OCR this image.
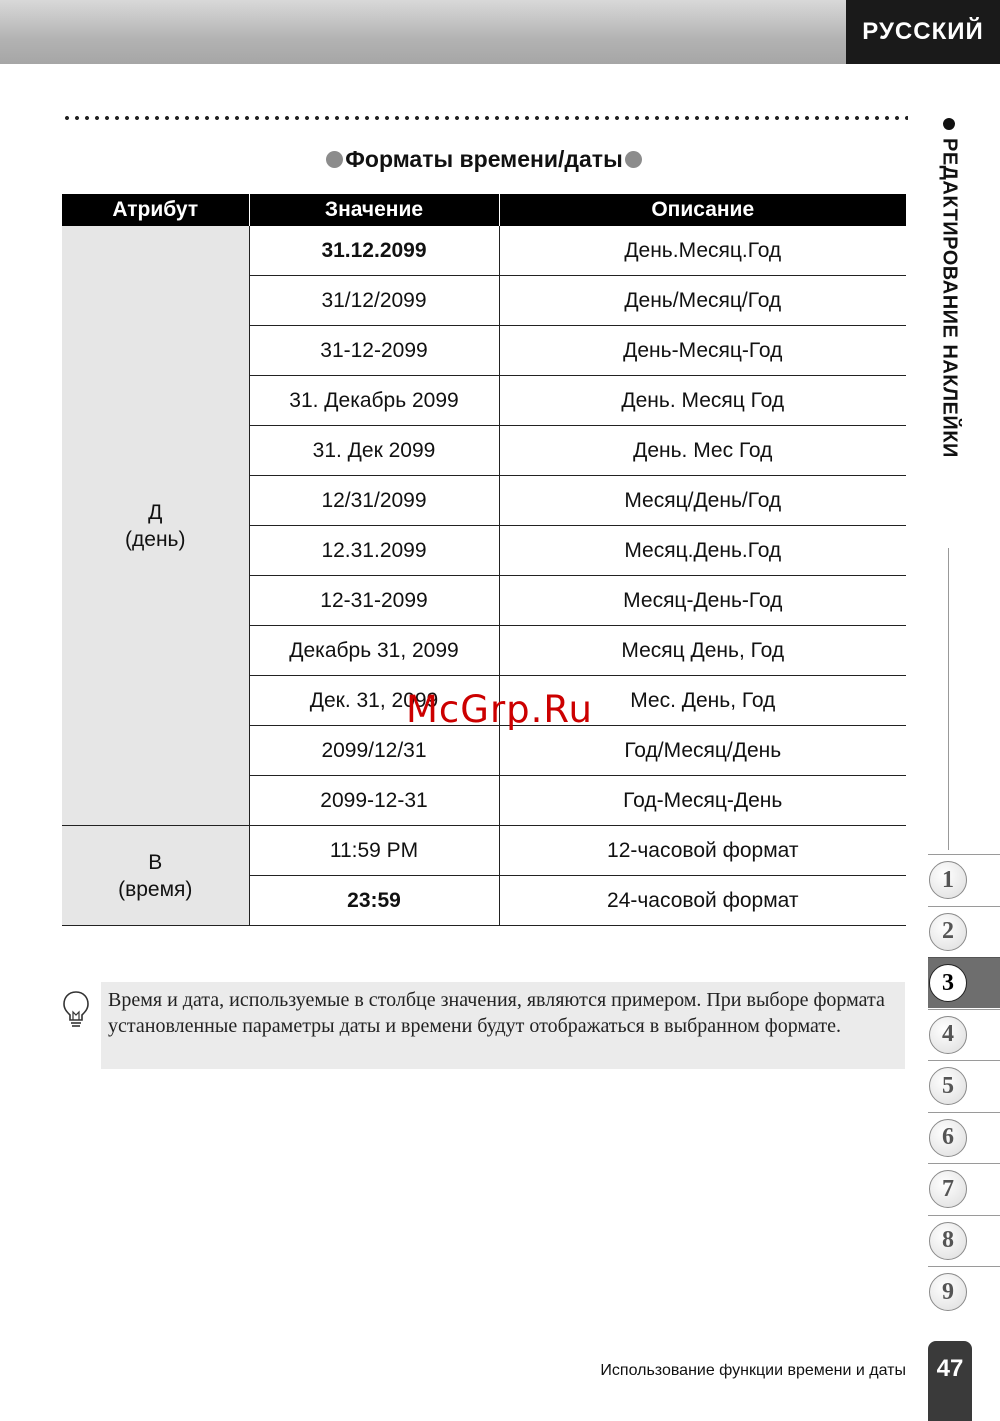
РУССКИЙ
Форматы времени/даты
Атрибут	Значение	Описание

Д
(день)	31.12.2099	День.Месяц.Год
	31/12/2099	День/Месяц/Год
	31-12-2099	День-Месяц-Год
	31. Декабрь 2099	День. Месяц Год
	31. Дек 2099	День. Мес Год
	12/31/2099	Месяц/День/Год
	12.31.2099	Месяц.День.Год
	12-31-2099	Месяц-День-Год
	Декабрь 31, 2099	Месяц День, Год
	Дек. 31, 2099	Мес. День, Год
	2099/12/31	Год/Месяц/День
	2099-12-31	Год-Месяц-День

В
(время)	11:59 PM	12-часовой формат
	23:59	24-часовой формат
Время и дата, используемые в столбце значения, являются примером. При выборе формата установленные параметры даты и времени будут отображаться в выбранном формате.
РЕДАКТИРОВАНИЕ НАКЛЕЙКИ
1
2
3
4
5
6
7
8
9
Использование функции времени и даты	47
McGrp.Ru
